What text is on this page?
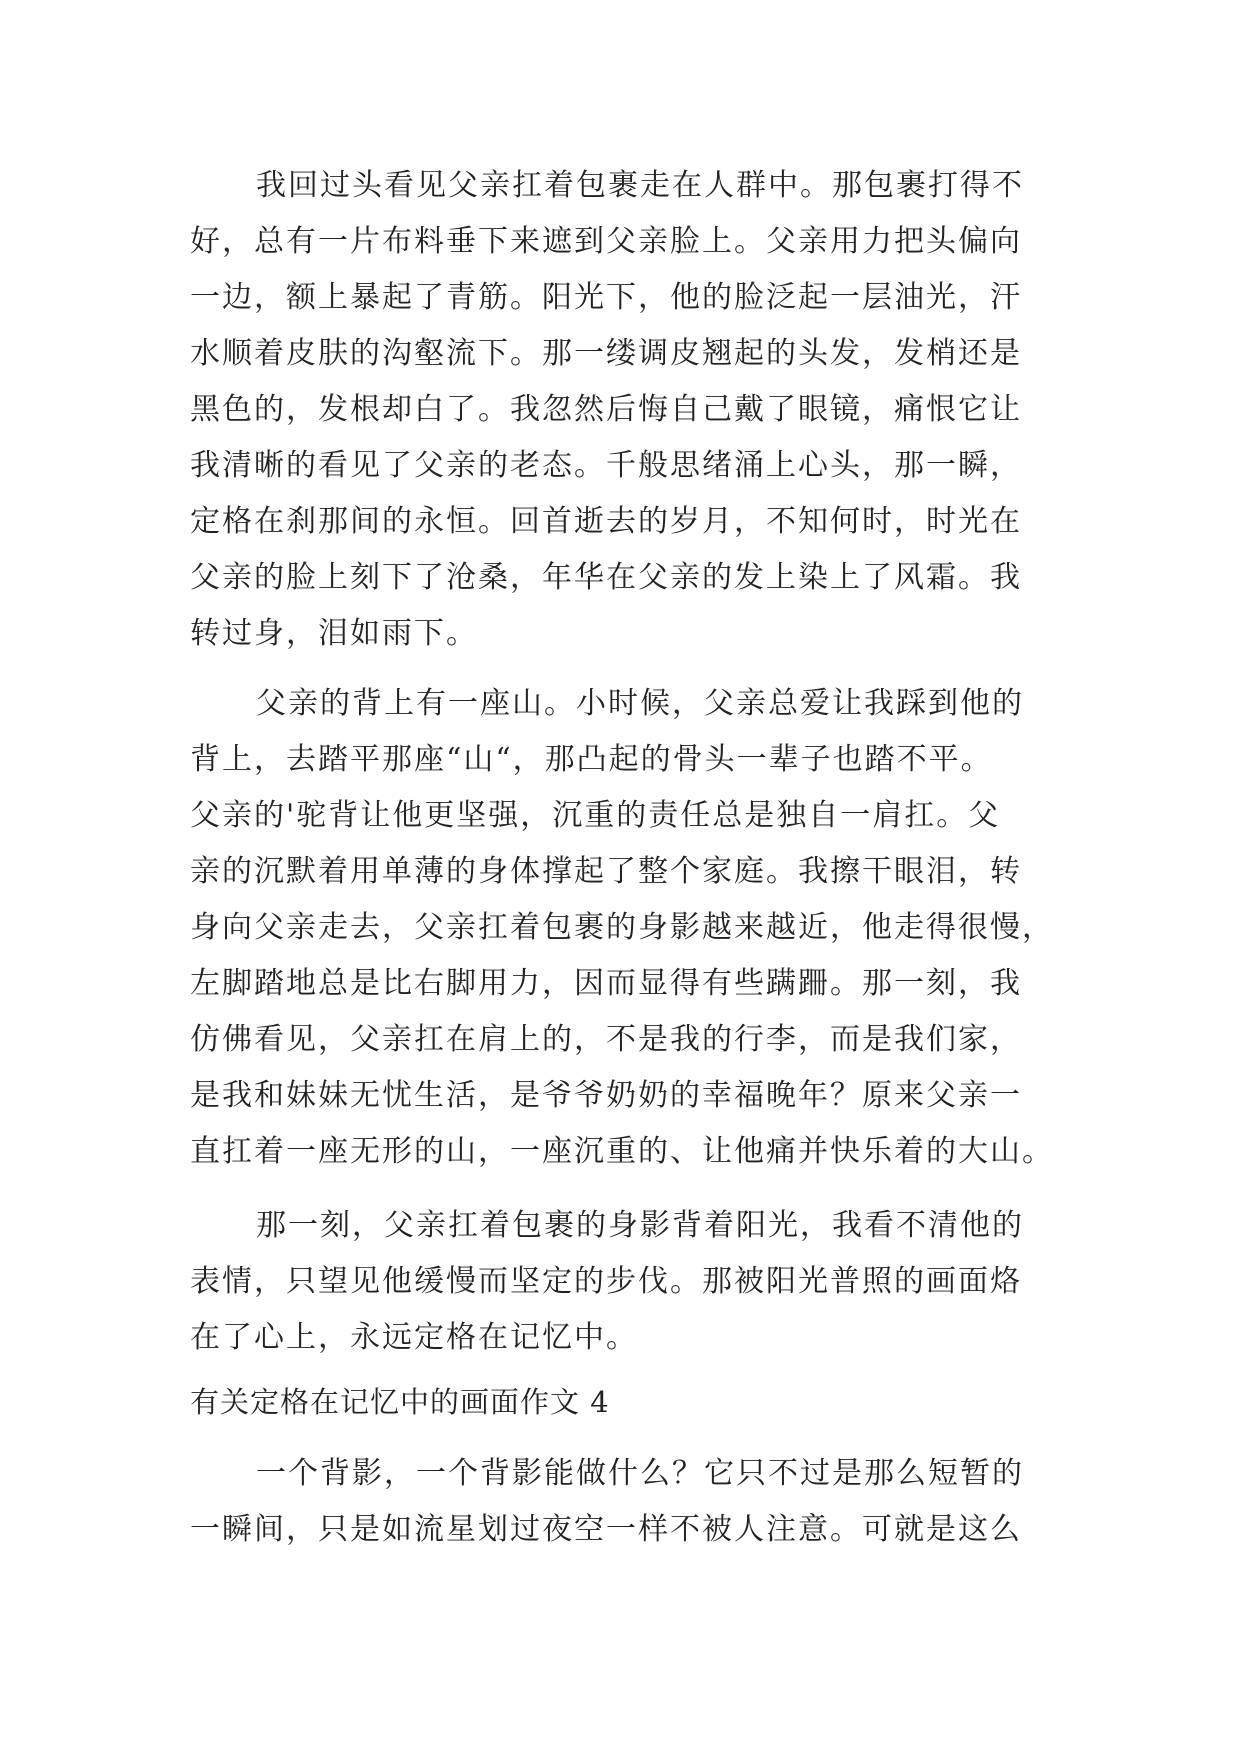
我回过头看见父亲扛着包裹走在人群中。那包裹打得不
好，总有一片布料垂下来遮到父亲脸上。父亲用力把头偏向
一边，额上暴起了青筋。阳光下，他的脸泛起一层油光，汗
水顺着皮肤的沟壑流下。那一缕调皮翘起的头发，发梢还是
黑色的，发根却白了。我忽然后悔自己戴了眼镜，痛恨它让
我清晰的看见了父亲的老态。千般思绪涌上心头，那一瞬，
定格在刹那间的永恒。回首逝去的岁月，不知何时，时光在
父亲的脸上刻下了沧桑，年华在父亲的发上染上了风霜。我
转过身，泪如雨下。
父亲的背上有一座山。小时候，父亲总爱让我踩到他的
背上，去踏平那座“山“，那凸起的骨头一辈子也踏不平。
父亲的'驼背让他更坚强，沉重的责任总是独自一肩扛。父
亲的沉默着用单薄的身体撑起了整个家庭。我擦干眼泪，转
身向父亲走去，父亲扛着包裹的身影越来越近，他走得很慢，
左脚踏地总是比右脚用力，因而显得有些蹒跚。那一刻，我
仿佛看见，父亲扛在肩上的，不是我的行李，而是我们家，
是我和妹妹无忧生活，是爷爷奶奶的幸福晚年？原来父亲一
直扛着一座无形的山，一座沉重的、让他痛并快乐着的大山。
那一刻，父亲扛着包裹的身影背着阳光，我看不清他的
表情，只望见他缓慢而坚定的步伐。那被阳光普照的画面烙
在了心上，永远定格在记忆中。
有关定格在记忆中的画面作文 4
一个背影，一个背影能做什么？它只不过是那么短暂的
一瞬间，只是如流星划过夜空一样不被人注意。可就是这么
